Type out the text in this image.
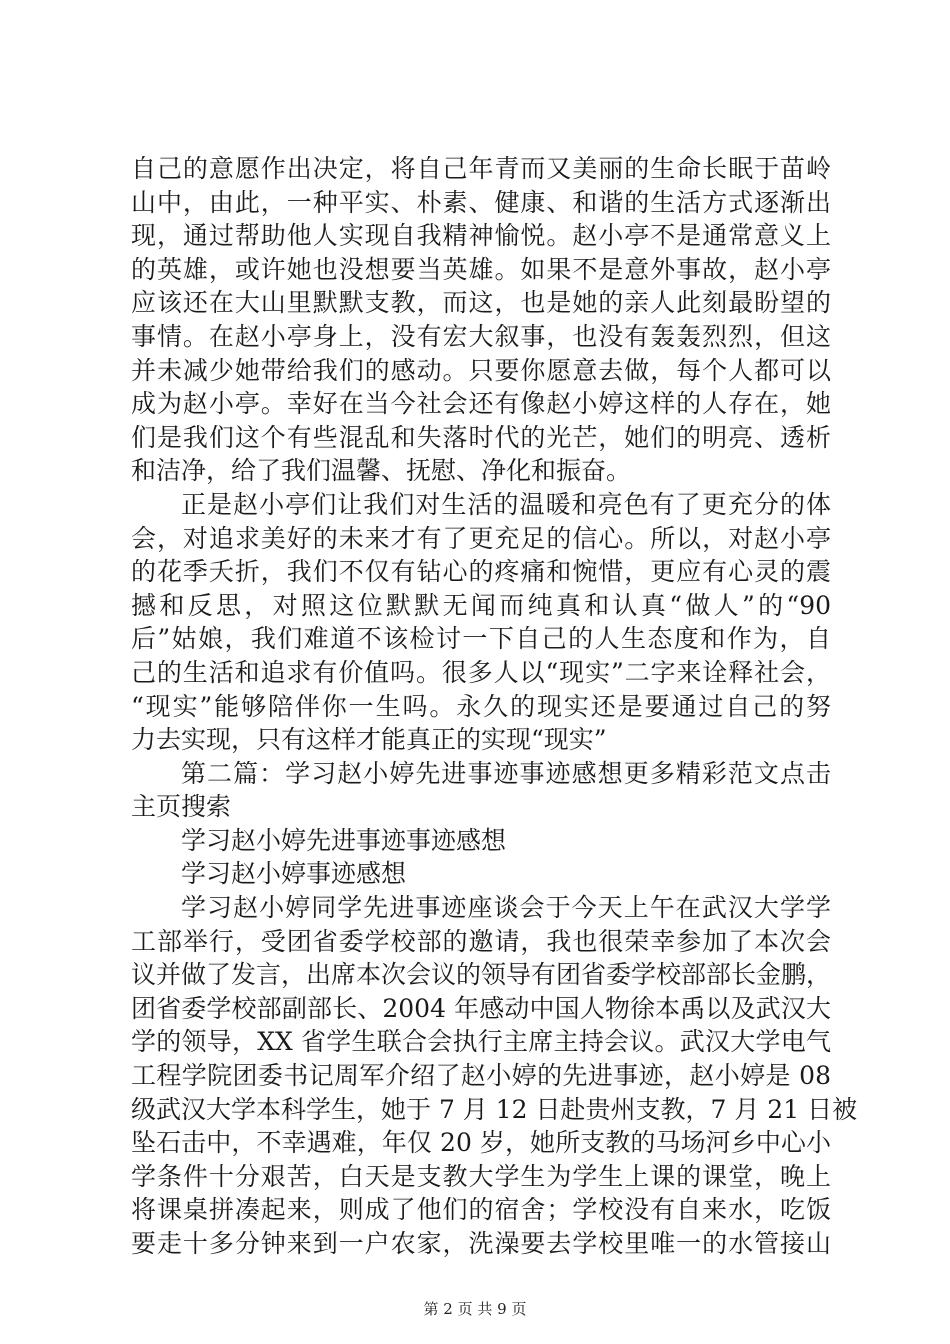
自己的意愿作出决定，将自己年青而又美丽的生命长眠于苗岭
山中，由此，一种平实、朴素、健康、和谐的生活方式逐渐出
现，通过帮助他人实现自我精神愉悦。赵小亭不是通常意义上
的英雄，或许她也没想要当英雄。如果不是意外事故，赵小亭
应该还在大山里默默支教，而这，也是她的亲人此刻最盼望的
事情。在赵小亭身上，没有宏大叙事，也没有轰轰烈烈，但这
并未减少她带给我们的感动。只要你愿意去做，每个人都可以
成为赵小亭。幸好在当今社会还有像赵小婷这样的人存在，她
们是我们这个有些混乱和失落时代的光芒，她们的明亮、透析
和洁净，给了我们温馨、抚慰、净化和振奋。
正是赵小亭们让我们对生活的温暖和亮色有了更充分的体
会，对追求美好的未来才有了更充足的信心。所以，对赵小亭
的花季夭折，我们不仅有钻心的疼痛和惋惜，更应有心灵的震
撼和反思，对照这位默默无闻而纯真和认真“做人”的“90
后”姑娘，我们难道不该检讨一下自己的人生态度和作为，自
己的生活和追求有价值吗。很多人以“现实”二字来诠释社会，
“现实”能够陪伴你一生吗。永久的现实还是要通过自己的努
力去实现，只有这样才能真正的实现“现实”
第二篇：学习赵小婷先进事迹事迹感想更多精彩范文点击
主页搜索
学习赵小婷先进事迹事迹感想
学习赵小婷事迹感想
学习赵小婷同学先进事迹座谈会于今天上午在武汉大学学
工部举行，受团省委学校部的邀请，我也很荣幸参加了本次会
议并做了发言，出席本次会议的领导有团省委学校部部长金鹏，
团省委学校部副部长、2004 年感动中国人物徐本禹以及武汉大
学的领导，XX 省学生联合会执行主席主持会议。武汉大学电气
工程学院团委书记周军介绍了赵小婷的先进事迹，赵小婷是 08
级武汉大学本科学生，她于 7 月 12 日赴贵州支教，7 月 21 日被
坠石击中，不幸遇难，年仅 20 岁，她所支教的马场河乡中心小
学条件十分艰苦，白天是支教大学生为学生上课的课堂，晚上
将课桌拼凑起来，则成了他们的宿舍；学校没有自来水，吃饭
要走十多分钟来到一户农家，洗澡要去学校里唯一的水管接山
第 2 页 共 9 页
